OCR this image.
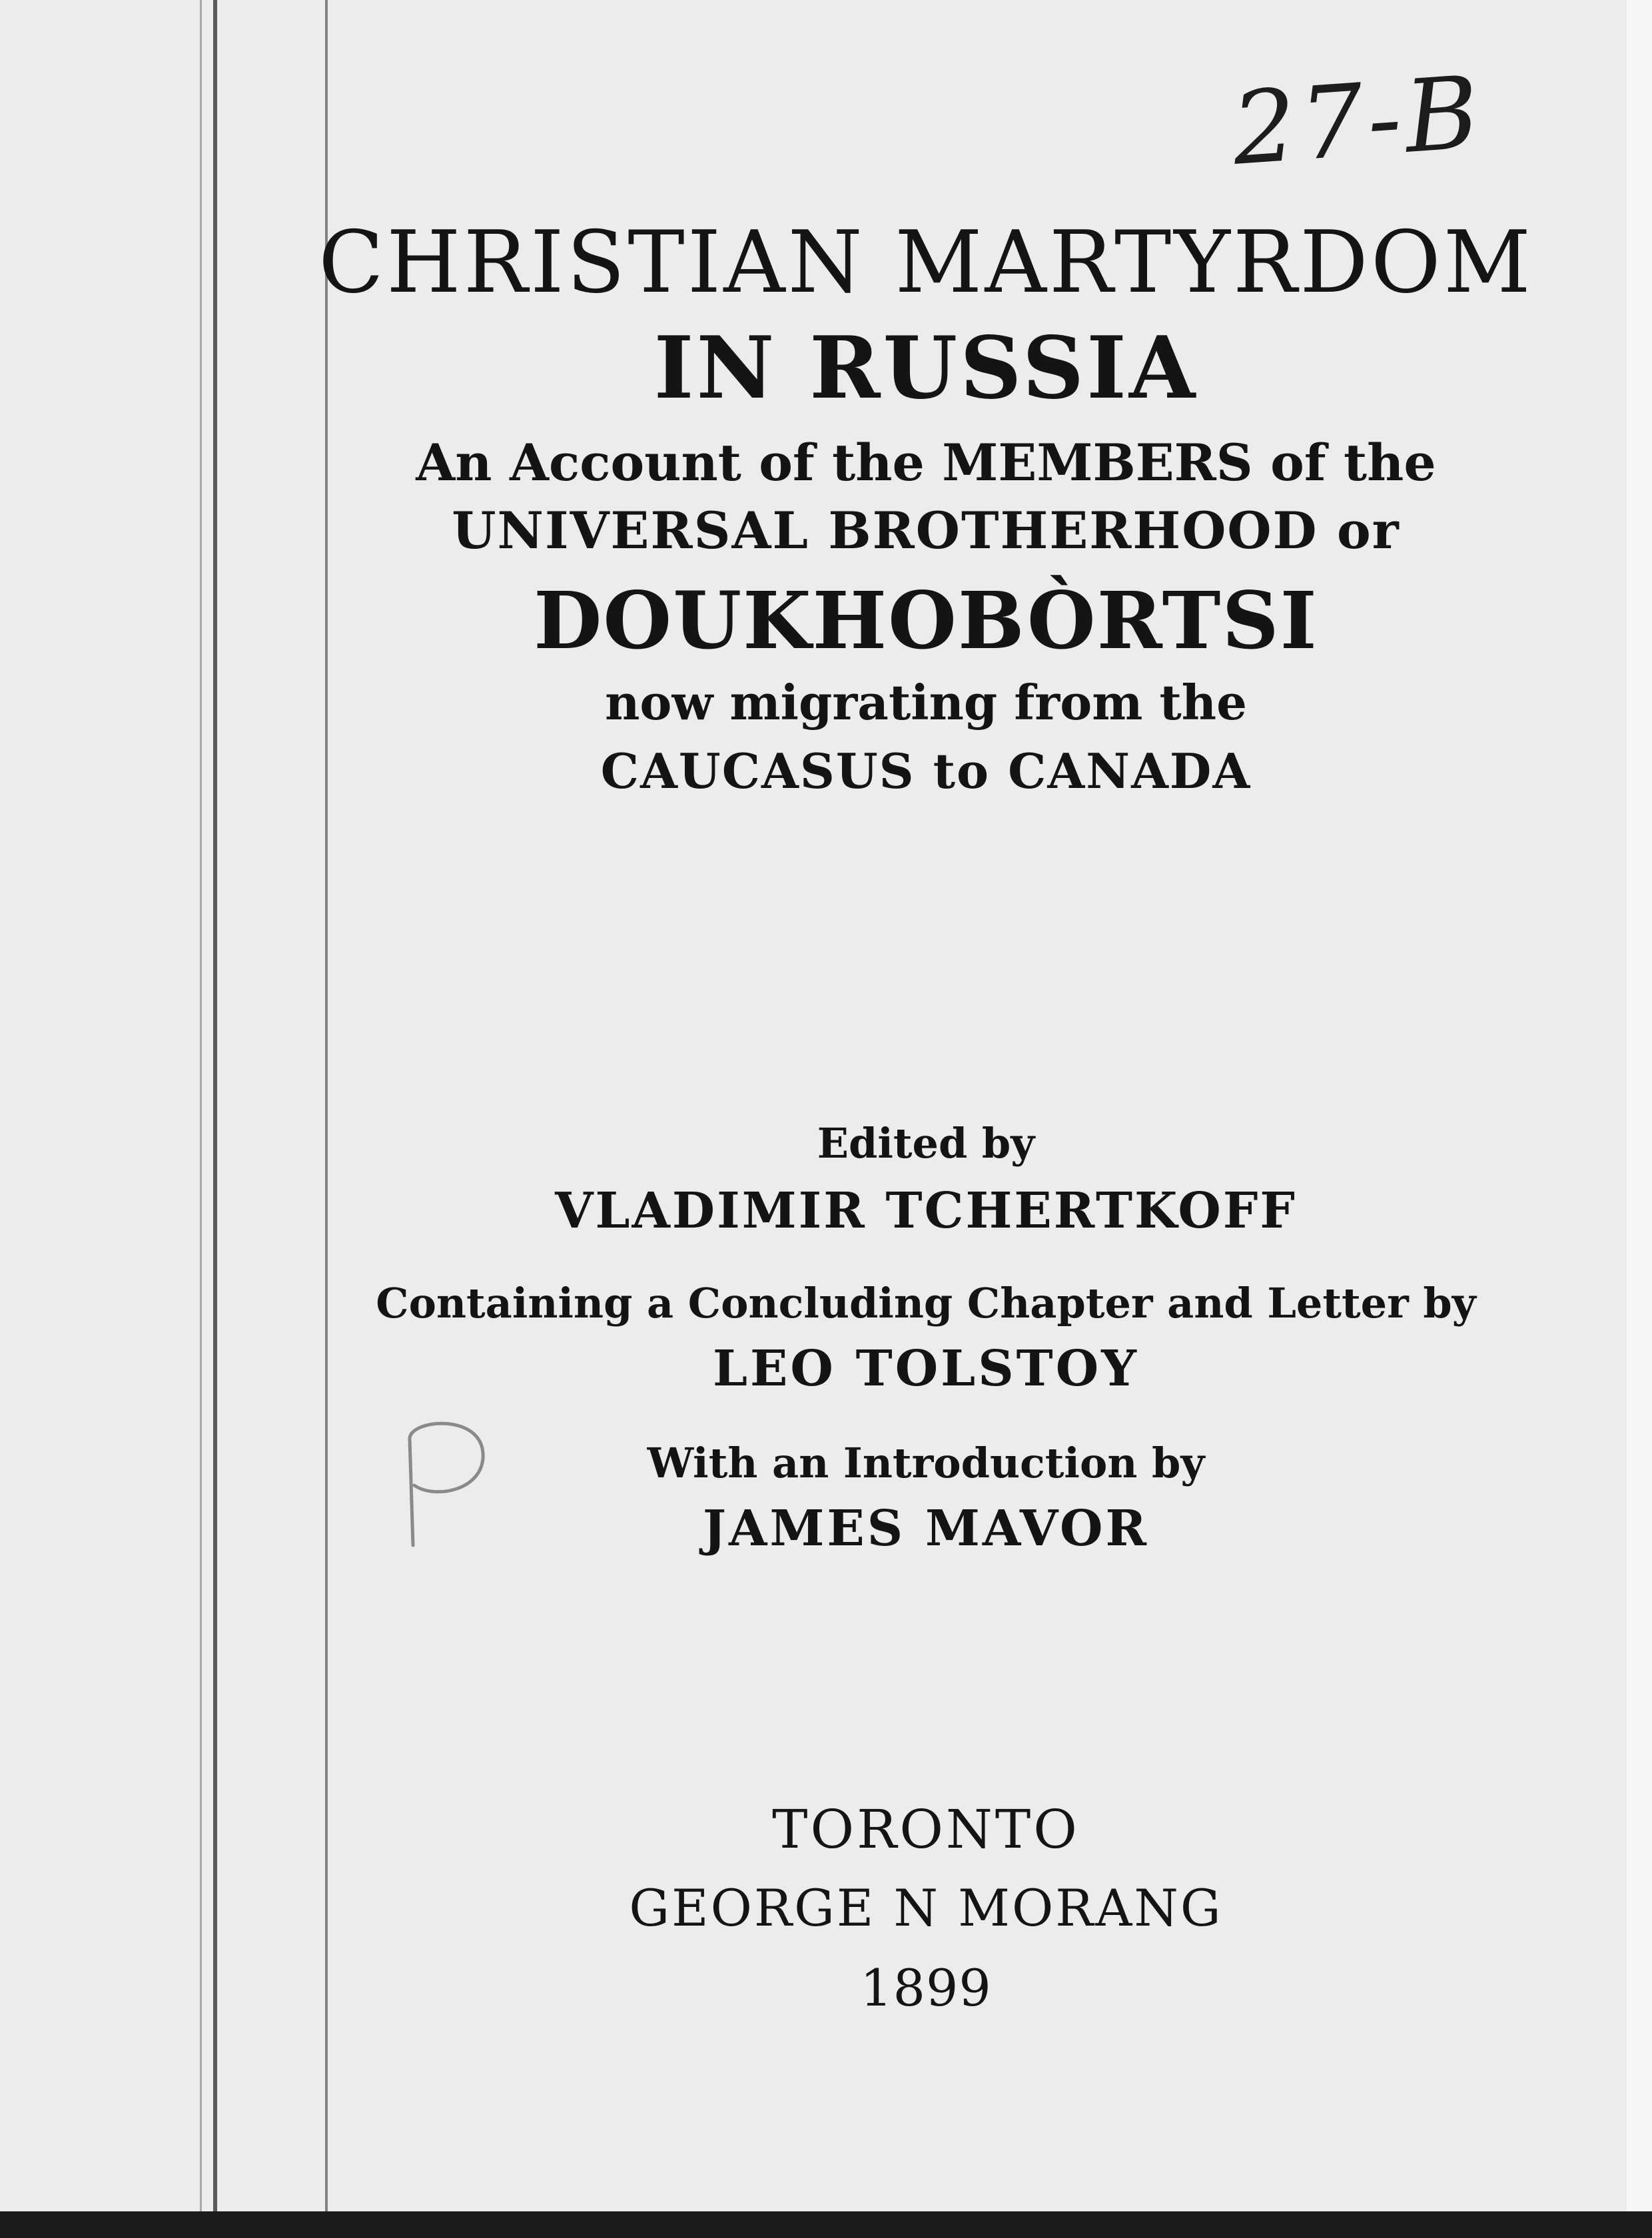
27-B
CHRISTIAN MARTYRDOM
IN RUSSIA

An Account of the MEMBERS of the

UNIVERSAL BROTHERHOOD or

DOUKHOBÒRTSI

now migrating from the

CAUCASUS to CANADA

Edited by

VLADIMIR TCHERTKOFF

Containing a Concluding Chapter and Letter by

LEO TOLSTOY

With an Introduction by

JAMES MAVOR

TORONTO

GEORGE N MORANG

1899
